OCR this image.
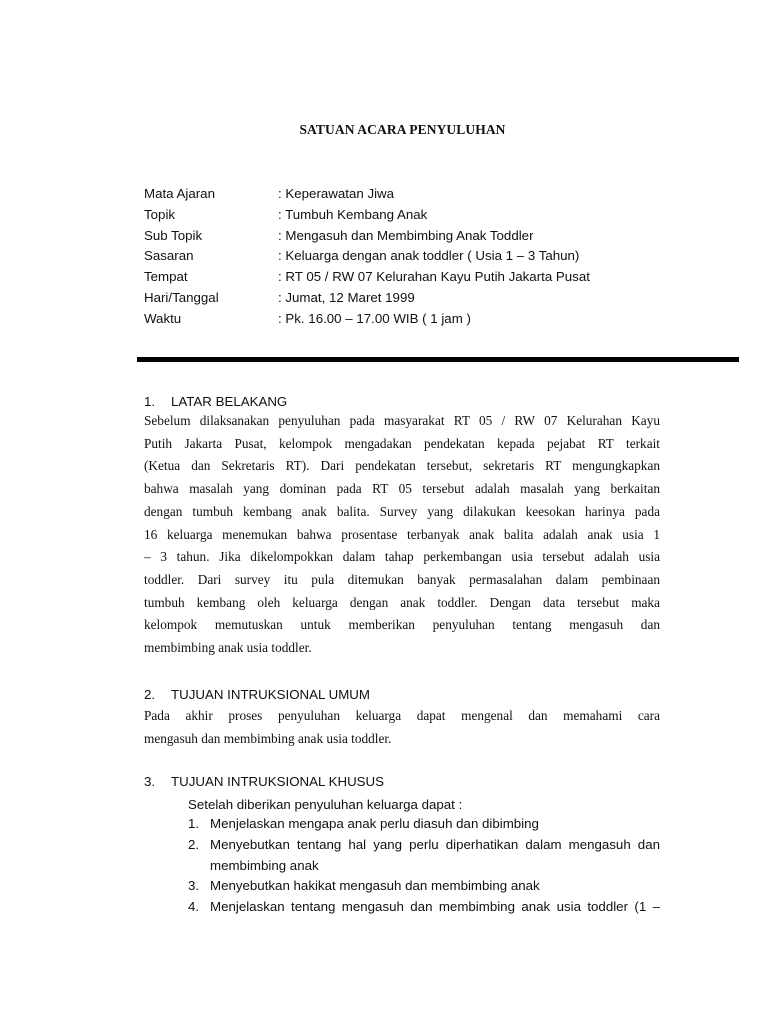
SATUAN ACARA PENYULUHAN
Mata Ajaran	: Keperawatan Jiwa
Topik	: Tumbuh Kembang Anak
Sub Topik	: Mengasuh dan Membimbing Anak Toddler
Sasaran	: Keluarga dengan anak toddler ( Usia 1 – 3 Tahun)
Tempat	: RT 05 / RW 07 Kelurahan Kayu Putih Jakarta Pusat
Hari/Tanggal	: Jumat, 12 Maret 1999
Waktu	: Pk. 16.00 – 17.00 WIB ( 1 jam )
1. LATAR BELAKANG
Sebelum dilaksanakan penyuluhan pada masyarakat RT 05 / RW 07 Kelurahan Kayu
Putih Jakarta Pusat, kelompok mengadakan pendekatan kepada pejabat RT terkait
(Ketua dan Sekretaris RT). Dari pendekatan tersebut, sekretaris RT mengungkapkan
bahwa masalah yang dominan pada RT 05 tersebut adalah masalah yang berkaitan
dengan tumbuh kembang anak balita. Survey yang dilakukan keesokan harinya pada
16 keluarga menemukan bahwa prosentase terbanyak anak balita adalah anak usia 1
– 3 tahun. Jika dikelompokkan dalam tahap perkembangan usia tersebut adalah usia
toddler. Dari survey itu pula ditemukan banyak permasalahan dalam pembinaan
tumbuh kembang oleh keluarga dengan anak toddler. Dengan data tersebut maka
kelompok memutuskan untuk memberikan penyuluhan tentang mengasuh dan
membimbing anak usia toddler.
2. TUJUAN INTRUKSIONAL UMUM
Pada akhir proses penyuluhan keluarga dapat mengenal dan memahami cara
mengasuh dan membimbing anak usia toddler.
3. TUJUAN INTRUKSIONAL KHUSUS
Setelah diberikan penyuluhan keluarga dapat :
1. Menjelaskan mengapa anak perlu diasuh dan dibimbing
2. Menyebutkan tentang hal yang perlu diperhatikan dalam mengasuh dan
membimbing anak
3. Menyebutkan hakikat mengasuh dan membimbing anak
4. Menjelaskan tentang mengasuh dan membimbing anak usia toddler (1 –
